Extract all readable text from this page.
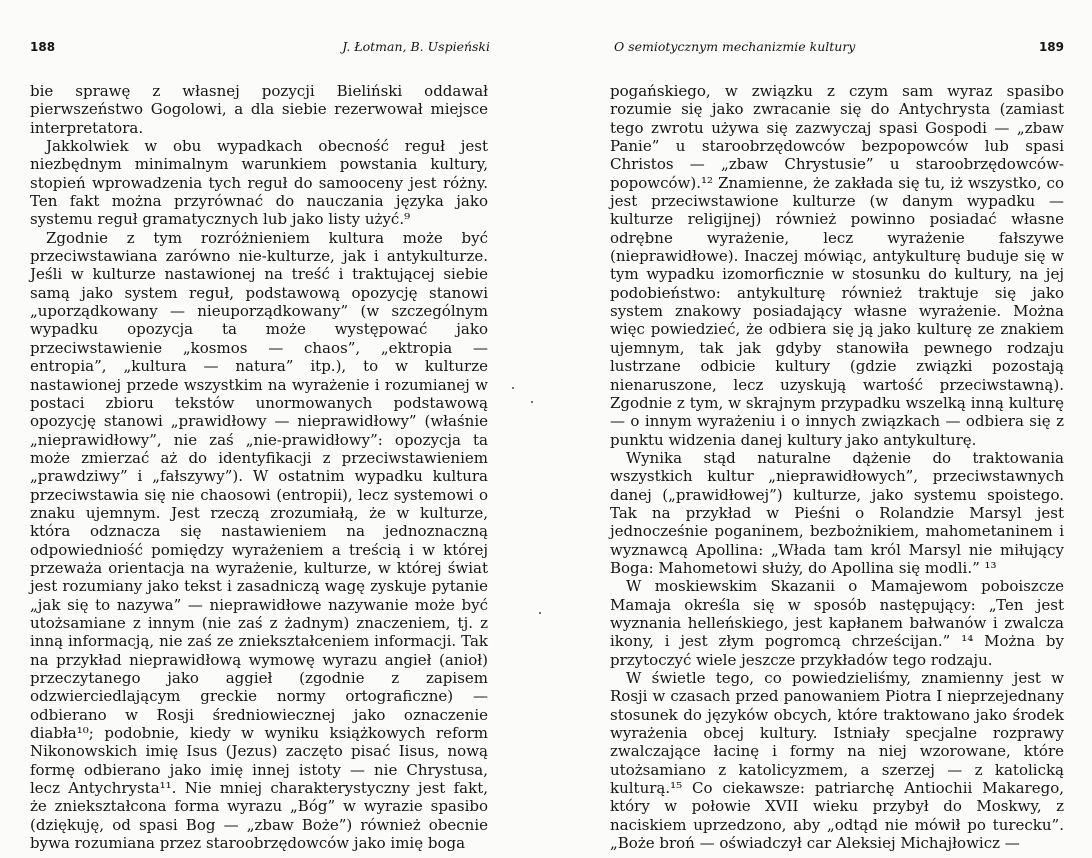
188	J. Łotman, B. Uspieński

bie sprawę z własnej pozycji Bieliński oddawał pierwszeństwo Gogolowi, a dla siebie rezerwował miejsce interpretatora.

Jakkolwiek w obu wypadkach obecność reguł jest niezbędnym minimalnym warunkiem powstania kultury, stopień wprowadzenia tych reguł do samooceny jest różny. Ten fakt można przyrównać do nauczania języka jako systemu reguł gramatycznych lub jako listy użyć.⁹

Zgodnie z tym rozróżnieniem kultura może być przeciwstawiana zarówno nie-kulturze, jak i antykulturze. Jeśli w kulturze nastawionej na treść i traktującej siebie samą jako system reguł, podstawową opozycję stanowi „uporządkowany — nieuporządkowany” (w szczególnym wypadku opozycja ta może występować jako przeciwstawienie „kosmos — chaos”, „ektropia — entropia”, „kultura — natura” itp.), to w kulturze nastawionej przede wszystkim na wyrażenie i rozumianej w postaci zbioru tekstów unormowanych podstawową opozycję stanowi „prawidłowy — nieprawidłowy” (właśnie „nieprawidłowy”, nie zaś „nie-prawidłowy”: opozycja ta może zmierzać aż do identyfikacji z przeciwstawieniem „prawdziwy” i „fałszywy”). W ostatnim wypadku kultura przeciwstawia się nie chaosowi (entropii), lecz systemowi o znaku ujemnym. Jest rzeczą zrozumiałą, że w kulturze, która odznacza się nastawieniem na jednoznaczną odpowiedniość pomiędzy wyrażeniem a treścią i w której przeważa orientacja na wyrażenie, kulturze, w której świat jest rozumiany jako tekst i zasadniczą wagę zyskuje pytanie „jak się to nazywa” — nieprawidłowe nazywanie może być utożsamiane z innym (nie zaś z żadnym) znaczeniem, tj. z inną informacją, nie zaś ze zniekształceniem informacji. Tak na przykład nieprawidłową wymowę wyrazu angieł (anioł) przeczytanego jako aggieł (zgodnie z zapisem odzwierciedlającym greckie normy ortograficzne) — odbierano w Rosji średniowiecznej jako oznaczenie diabła¹⁰; podobnie, kiedy w wyniku książkowych reform Nikonowskich imię Isus (Jezus) zaczęto pisać Iisus, nową formę odbierano jako imię innej istoty — nie Chrystusa, lecz Antychrysta¹¹. Nie mniej charakterystyczny jest fakt, że zniekształcona forma wyrazu „Bóg” w wyrazie spasibo (dziękuję, od spasi Bog — „zbaw Boże”) również obecnie bywa rozumiana przez staroobrzędowców jako imię boga

O semiotycznym mechanizmie kultury	189

pogańskiego, w związku z czym sam wyraz spasibo rozumie się jako zwracanie się do Antychrysta (zamiast tego zwrotu używa się zazwyczaj spasi Gospodi — „zbaw Panie” u staroobrzędowców bezpopowców lub spasi Christos — „zbaw Chrystusie” u staroobrzędowców-popowców).¹² Znamienne, że zakłada się tu, iż wszystko, co jest przeciwstawione kulturze (w danym wypadku — kulturze religijnej) również powinno posiadać własne odrębne wyrażenie, lecz wyrażenie fałszywe (nieprawidłowe). Inaczej mówiąc, antykulturę buduje się w tym wypadku izomorficznie w stosunku do kultury, na jej podobieństwo: antykulturę również traktuje się jako system znakowy posiadający własne wyrażenie. Można więc powiedzieć, że odbiera się ją jako kulturę ze znakiem ujemnym, tak jak gdyby stanowiła pewnego rodzaju lustrzane odbicie kultury (gdzie związki pozostają nienaruszone, lecz uzyskują wartość przeciwstawną). Zgodnie z tym, w skrajnym przypadku wszelką inną kulturę — o innym wyrażeniu i o innych związkach — odbiera się z punktu widzenia danej kultury jako antykulturę.

Wynika stąd naturalne dążenie do traktowania wszystkich kultur „nieprawidłowych”, przeciwstawnych danej („prawidłowej”) kulturze, jako systemu spoistego. Tak na przykład w Pieśni o Rolandzie Marsyl jest jednocześnie poganinem, bezbożnikiem, mahometaninem i wyznawcą Apollina: „Włada tam król Marsyl nie miłujący Boga: Mahometowi służy, do Apollina się modli.” ¹³

W moskiewskim Skazanii o Mamajewom poboiszcze Mamaja określa się w sposób następujący: „Ten jest wyznania helleńskiego, jest kapłanem bałwanów i zwalcza ikony, i jest złym pogromcą chrześcijan.” ¹⁴ Można by przytoczyć wiele jeszcze przykładów tego rodzaju.

W świetle tego, co powiedzieliśmy, znamienny jest w Rosji w czasach przed panowaniem Piotra I nieprzejednany stosunek do języków obcych, które traktowano jako środek wyrażenia obcej kultury. Istniały specjalne rozprawy zwalczające łacinę i formy na niej wzorowane, które utożsamiano z katolicyzmem, a szerzej — z katolicką kulturą.¹⁵ Co ciekawsze: patriarchę Antiochii Makarego, który w połowie XVII wieku przybył do Moskwy, z naciskiem uprzedzono, aby „odtąd nie mówił po turecku”. „Boże broń — oświadczył car Aleksiej Michajłowicz —
